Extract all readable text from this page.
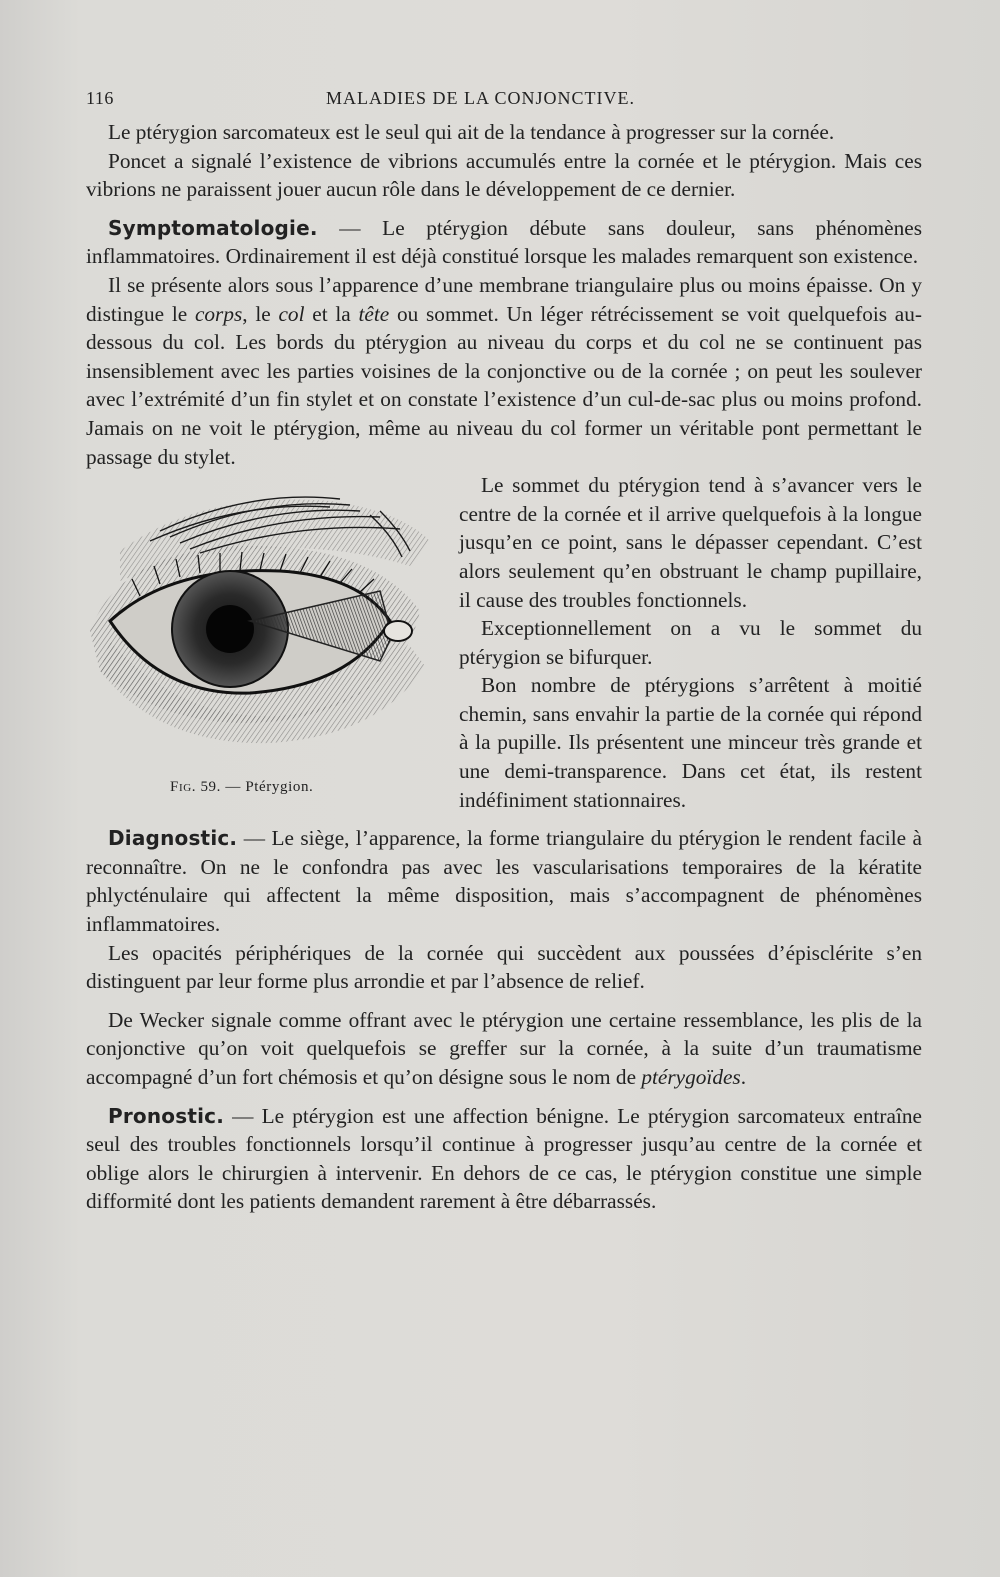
116	MALADIES DE LA CONJONCTIVE.

Le ptérygion sarcomateux est le seul qui ait de la tendance à progresser sur la cornée.

Poncet a signalé l’existence de vibrions accumulés entre la cornée et le ptérygion. Mais ces vibrions ne paraissent jouer aucun rôle dans le développement de ce dernier.

Symptomatologie. — Le ptérygion débute sans douleur, sans phénomènes inflammatoires. Ordinairement il est déjà constitué lorsque les malades remarquent son existence.

Il se présente alors sous l’apparence d’une membrane triangulaire plus ou moins épaisse. On y distingue le corps, le col et la tête ou sommet. Un léger rétrécissement se voit quelquefois au-dessous du col. Les bords du ptérygion au niveau du corps et du col ne se continuent pas insensiblement avec les parties voisines de la conjonctive ou de la cornée ; on peut les soulever avec l’extrémité d’un fin stylet et on constate l’existence d’un cul-de-sac plus ou moins profond. Jamais on ne voit le ptérygion, même au niveau du col former un véritable pont permettant le passage du stylet.

Fig. 59. — Ptérygion.

Le sommet du ptérygion tend à s’avancer vers le centre de la cornée et il arrive quelquefois à la longue jusqu’en ce point, sans le dépasser cependant. C’est alors seulement qu’en obstruant le champ pupillaire, il cause des troubles fonctionnels.

Exceptionnellement on a vu le sommet du ptérygion se bifurquer.

Bon nombre de ptérygions s’arrêtent à moitié chemin, sans envahir la partie de la cornée qui répond à la pupille. Ils présentent une minceur très grande et une demi-transparence. Dans cet état, ils restent indéfiniment stationnaires.

Diagnostic. — Le siège, l’apparence, la forme triangulaire du ptérygion le rendent facile à reconnaître. On ne le confondra pas avec les vascularisations temporaires de la kératite phlycténulaire qui affectent la même disposition, mais s’accompagnent de phénomènes inflammatoires.

Les opacités périphériques de la cornée qui succèdent aux poussées d’épisclérite s’en distinguent par leur forme plus arrondie et par l’absence de relief.

De Wecker signale comme offrant avec le ptérygion une certaine ressemblance, les plis de la conjonctive qu’on voit quelquefois se greffer sur la cornée, à la suite d’un traumatisme accompagné d’un fort chémosis et qu’on désigne sous le nom de ptérygoïdes.

Pronostic. — Le ptérygion est une affection bénigne. Le ptérygion sarcomateux entraîne seul des troubles fonctionnels lorsqu’il continue à progresser jusqu’au centre de la cornée et oblige alors le chirurgien à intervenir. En dehors de ce cas, le ptérygion constitue une simple difformité dont les patients demandent rarement à être débarrassés.
